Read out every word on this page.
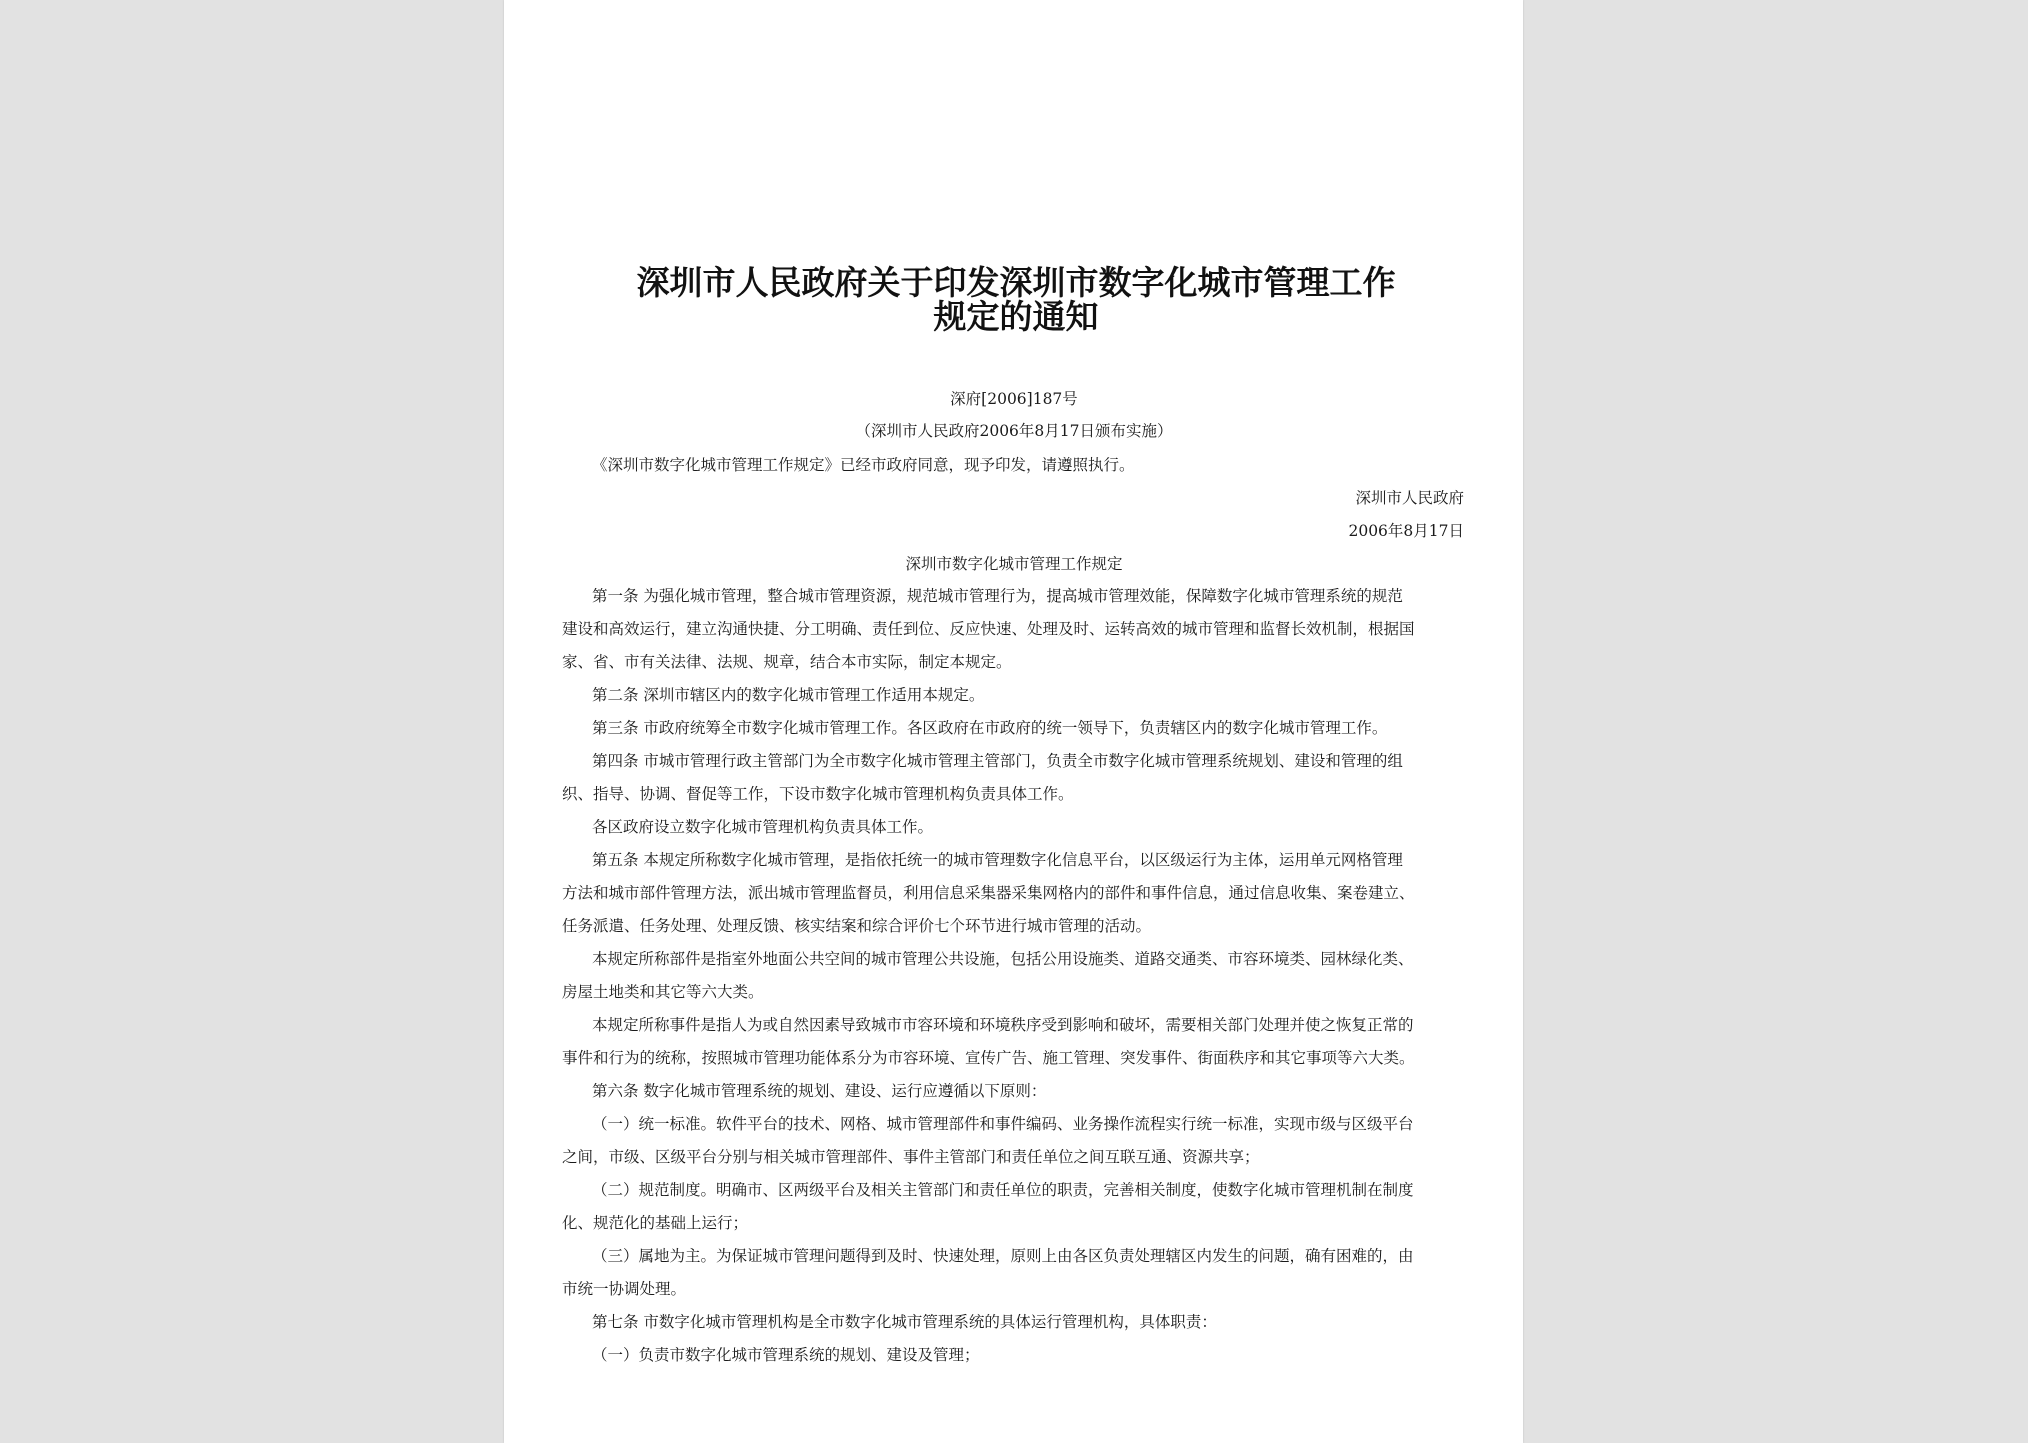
深圳市人民政府关于印发深圳市数字化城市管理工作
规定的通知
深府[2006]187号
（深圳市人民政府2006年8月17日颁布实施）
《深圳市数字化城市管理工作规定》已经市政府同意，现予印发，请遵照执行。
深圳市人民政府
2006年8月17日
深圳市数字化城市管理工作规定
第一条 为强化城市管理，整合城市管理资源，规范城市管理行为，提高城市管理效能，保障数字化城市管理系统的规范
建设和高效运行，建立沟通快捷、分工明确、责任到位、反应快速、处理及时、运转高效的城市管理和监督长效机制，根据国
家、省、市有关法律、法规、规章，结合本市实际，制定本规定。
第二条 深圳市辖区内的数字化城市管理工作适用本规定。
第三条 市政府统筹全市数字化城市管理工作。各区政府在市政府的统一领导下，负责辖区内的数字化城市管理工作。
第四条 市城市管理行政主管部门为全市数字化城市管理主管部门，负责全市数字化城市管理系统规划、建设和管理的组
织、指导、协调、督促等工作，下设市数字化城市管理机构负责具体工作。
各区政府设立数字化城市管理机构负责具体工作。
第五条 本规定所称数字化城市管理，是指依托统一的城市管理数字化信息平台，以区级运行为主体，运用单元网格管理
方法和城市部件管理方法，派出城市管理监督员，利用信息采集器采集网格内的部件和事件信息，通过信息收集、案卷建立、
任务派遣、任务处理、处理反馈、核实结案和综合评价七个环节进行城市管理的活动。
本规定所称部件是指室外地面公共空间的城市管理公共设施，包括公用设施类、道路交通类、市容环境类、园林绿化类、
房屋土地类和其它等六大类。
本规定所称事件是指人为或自然因素导致城市市容环境和环境秩序受到影响和破坏，需要相关部门处理并使之恢复正常的
事件和行为的统称，按照城市管理功能体系分为市容环境、宣传广告、施工管理、突发事件、街面秩序和其它事项等六大类。
第六条 数字化城市管理系统的规划、建设、运行应遵循以下原则：
（一）统一标准。软件平台的技术、网格、城市管理部件和事件编码、业务操作流程实行统一标准，实现市级与区级平台
之间，市级、区级平台分别与相关城市管理部件、事件主管部门和责任单位之间互联互通、资源共享；
（二）规范制度。明确市、区两级平台及相关主管部门和责任单位的职责，完善相关制度，使数字化城市管理机制在制度
化、规范化的基础上运行；
（三）属地为主。为保证城市管理问题得到及时、快速处理，原则上由各区负责处理辖区内发生的问题，确有困难的，由
市统一协调处理。
第七条 市数字化城市管理机构是全市数字化城市管理系统的具体运行管理机构，具体职责：
（一）负责市数字化城市管理系统的规划、建设及管理；
